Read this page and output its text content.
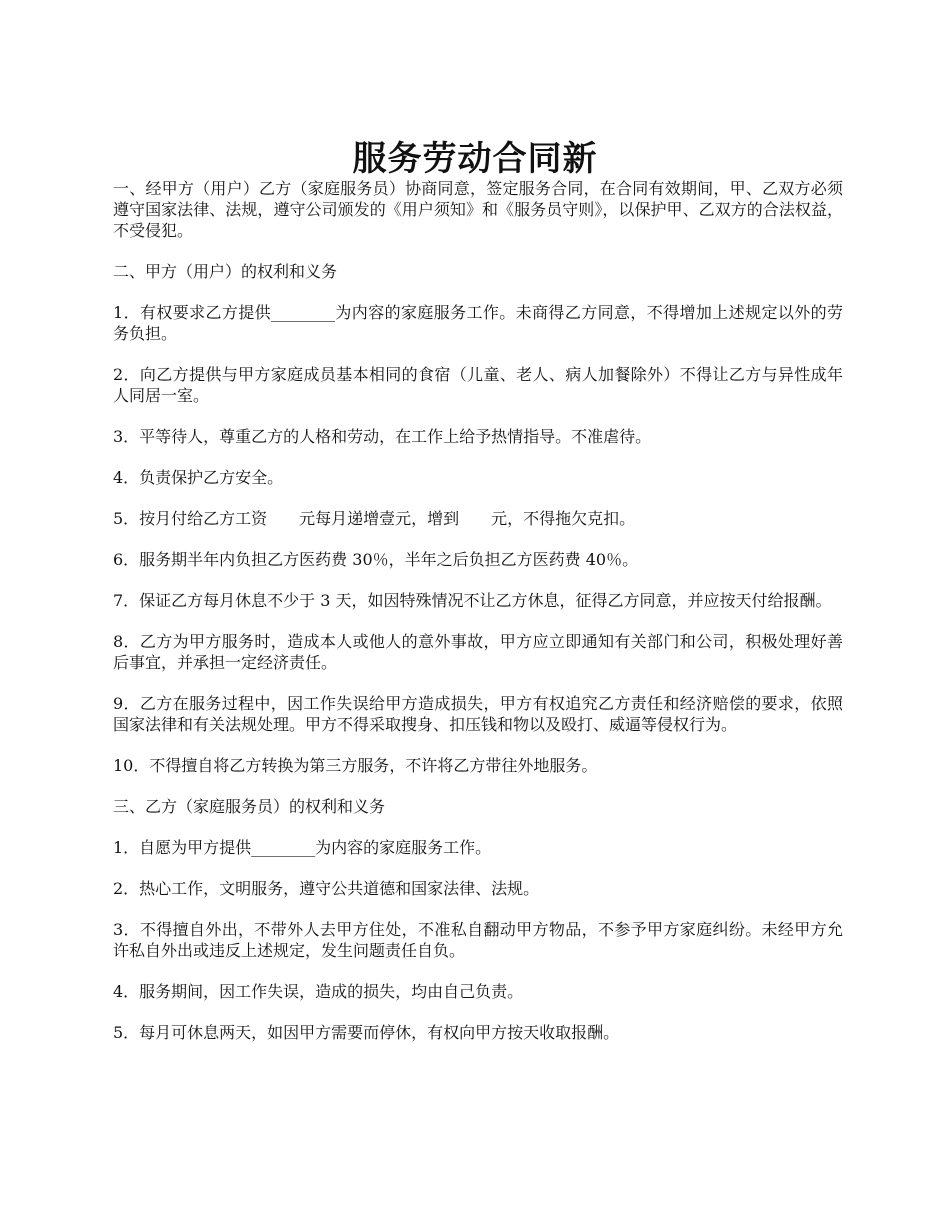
服务劳动合同新

一、经甲方（用户）乙方（家庭服务员）协商同意，签定服务合同，在合同有效期间，甲、乙双方必须遵守国家法律、法规，遵守公司颁发的《用户须知》和《服务员守则》，以保护甲、乙双方的合法权益，不受侵犯。

二、甲方（用户）的权利和义务

1．有权要求乙方提供________为内容的家庭服务工作。未商得乙方同意，不得增加上述规定以外的劳务负担。

2．向乙方提供与甲方家庭成员基本相同的食宿（儿童、老人、病人加餐除外）不得让乙方与异性成年人同居一室。

3．平等待人，尊重乙方的人格和劳动，在工作上给予热情指导。不准虐待。

4．负责保护乙方安全。

5．按月付给乙方工资　　元每月递增壹元，增到　　元，不得拖欠克扣。

6．服务期半年内负担乙方医药费 30％，半年之后负担乙方医药费 40％。

7．保证乙方每月休息不少于 3 天，如因特殊情况不让乙方休息，征得乙方同意，并应按天付给报酬。

8．乙方为甲方服务时，造成本人或他人的意外事故，甲方应立即通知有关部门和公司，积极处理好善后事宜，并承担一定经济责任。

9．乙方在服务过程中，因工作失误给甲方造成损失，甲方有权追究乙方责任和经济赔偿的要求，依照国家法律和有关法规处理。甲方不得采取搜身、扣压钱和物以及殴打、威逼等侵权行为。

10．不得擅自将乙方转换为第三方服务，不许将乙方带往外地服务。

三、乙方（家庭服务员）的权利和义务

1．自愿为甲方提供________为内容的家庭服务工作。

2．热心工作，文明服务，遵守公共道德和国家法律、法规。

3．不得擅自外出，不带外人去甲方住处，不准私自翻动甲方物品，不参予甲方家庭纠纷。未经甲方允许私自外出或违反上述规定，发生问题责任自负。

4．服务期间，因工作失误，造成的损失，均由自己负责。

5．每月可休息两天，如因甲方需要而停休，有权向甲方按天收取报酬。
